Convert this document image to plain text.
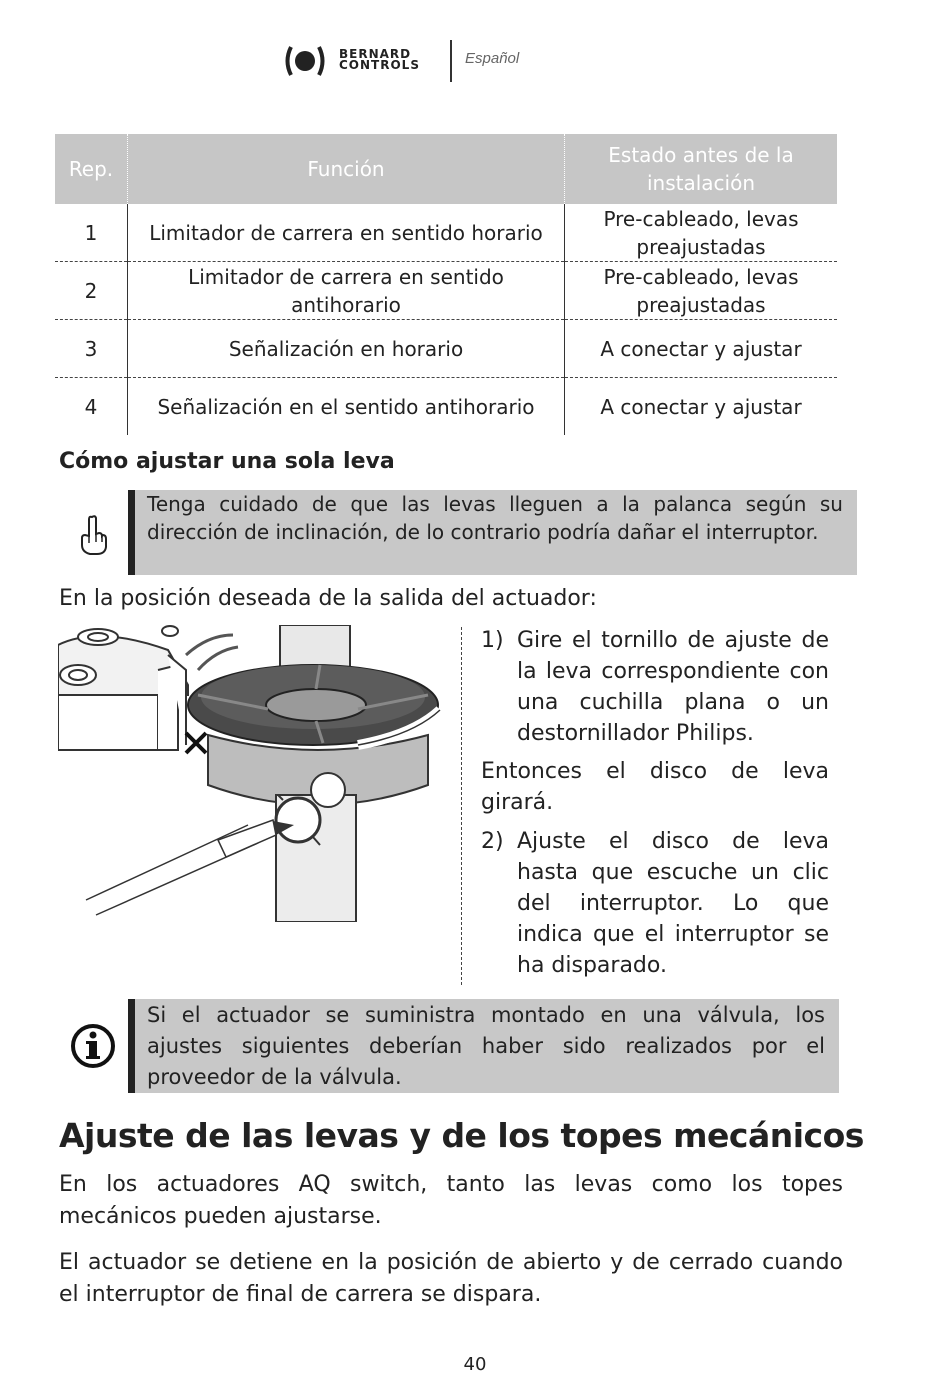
BERNARD
CONTROLS	Español
Rep.	Función	Estado antes de la instalación
1	Limitador de carrera en sentido horario	Pre-cableado, levas preajustadas
2	Limitador de carrera en sentido antihorario	Pre-cableado, levas preajustadas
3	Señalización en horario	A conectar y ajustar
4	Señalización en el sentido antihorario	A conectar y ajustar
Cómo ajustar una sola leva
Tenga cuidado de que las levas lleguen a la palanca según su dirección de inclinación, de lo contrario podría dañar el interruptor.
En la posición deseada de la salida del actuador:
1) Gire el tornillo de ajuste de la leva correspondiente con una cuchilla plana o un destornillador Philips.
Entonces el disco de leva girará.
2) Ajuste el disco de leva hasta que escuche un clic del interruptor. Lo que indica que el interruptor se ha disparado.
Si el actuador se suministra montado en una válvula, los ajustes siguientes deberían haber sido realizados por el proveedor de la válvula.
Ajuste de las levas y de los topes mecánicos
En los actuadores AQ switch, tanto las levas como los topes mecánicos pueden ajustarse.
El actuador se detiene en la posición de abierto y de cerrado cuando el interruptor de final de carrera se dispara.
40
